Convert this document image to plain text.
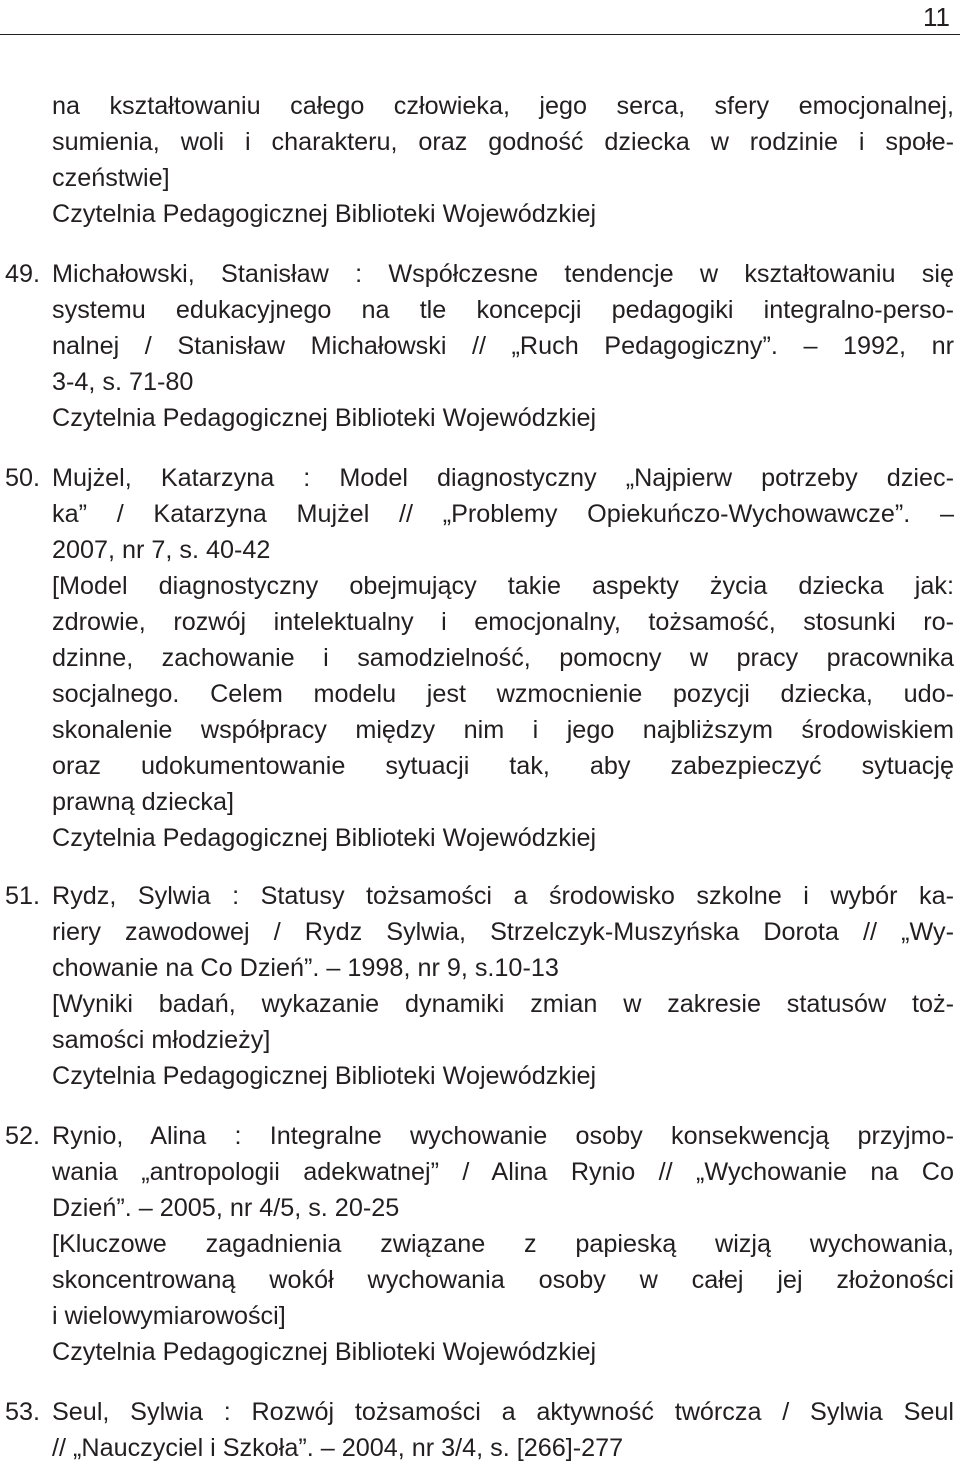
11
na kształtowaniu całego człowieka, jego serca, sfery emocjonalnej,
sumienia, woli i charakteru, oraz godność dziecka w rodzinie i społe-
czeństwie]
Czytelnia Pedagogicznej Biblioteki Wojewódzkiej
49. Michałowski, Stanisław : Współczesne tendencje w kształtowaniu się
systemu edukacyjnego na tle koncepcji pedagogiki integralno-perso-
nalnej / Stanisław Michałowski // „Ruch Pedagogiczny”. – 1992, nr
3-4, s. 71-80
Czytelnia Pedagogicznej Biblioteki Wojewódzkiej
50. Mujżel, Katarzyna : Model diagnostyczny „Najpierw potrzeby dziec-
ka” / Katarzyna Mujżel // „Problemy Opiekuńczo-Wychowawcze”. –
2007, nr 7, s. 40-42
[Model diagnostyczny obejmujący takie aspekty życia dziecka jak:
zdrowie, rozwój intelektualny i emocjonalny, tożsamość, stosunki ro-
dzinne, zachowanie i samodzielność, pomocny w pracy pracownika
socjalnego. Celem modelu jest wzmocnienie pozycji dziecka, udo-
skonalenie współpracy między nim i jego najbliższym środowiskiem
oraz udokumentowanie sytuacji tak, aby zabezpieczyć sytuację
prawną dziecka]
Czytelnia Pedagogicznej Biblioteki Wojewódzkiej
51. Rydz, Sylwia : Statusy tożsamości a środowisko szkolne i wybór ka-
riery zawodowej / Rydz Sylwia, Strzelczyk-Muszyńska Dorota // „Wy-
chowanie na Co Dzień”. – 1998, nr 9, s.10-13
[Wyniki badań, wykazanie dynamiki zmian w zakresie statusów toż-
samości młodzieży]
Czytelnia Pedagogicznej Biblioteki Wojewódzkiej
52. Rynio, Alina : Integralne wychowanie osoby konsekwencją przyjmo-
wania „antropologii adekwatnej” / Alina Rynio // „Wychowanie na Co
Dzień”. – 2005, nr 4/5, s. 20-25
[Kluczowe zagadnienia związane z papieską wizją wychowania,
skoncentrowaną wokół wychowania osoby w całej jej złożoności
i wielowymiarowości]
Czytelnia Pedagogicznej Biblioteki Wojewódzkiej
53. Seul, Sylwia : Rozwój tożsamości a aktywność twórcza / Sylwia Seul
// „Nauczyciel i Szkoła”. – 2004, nr 3/4, s. [266]-277
